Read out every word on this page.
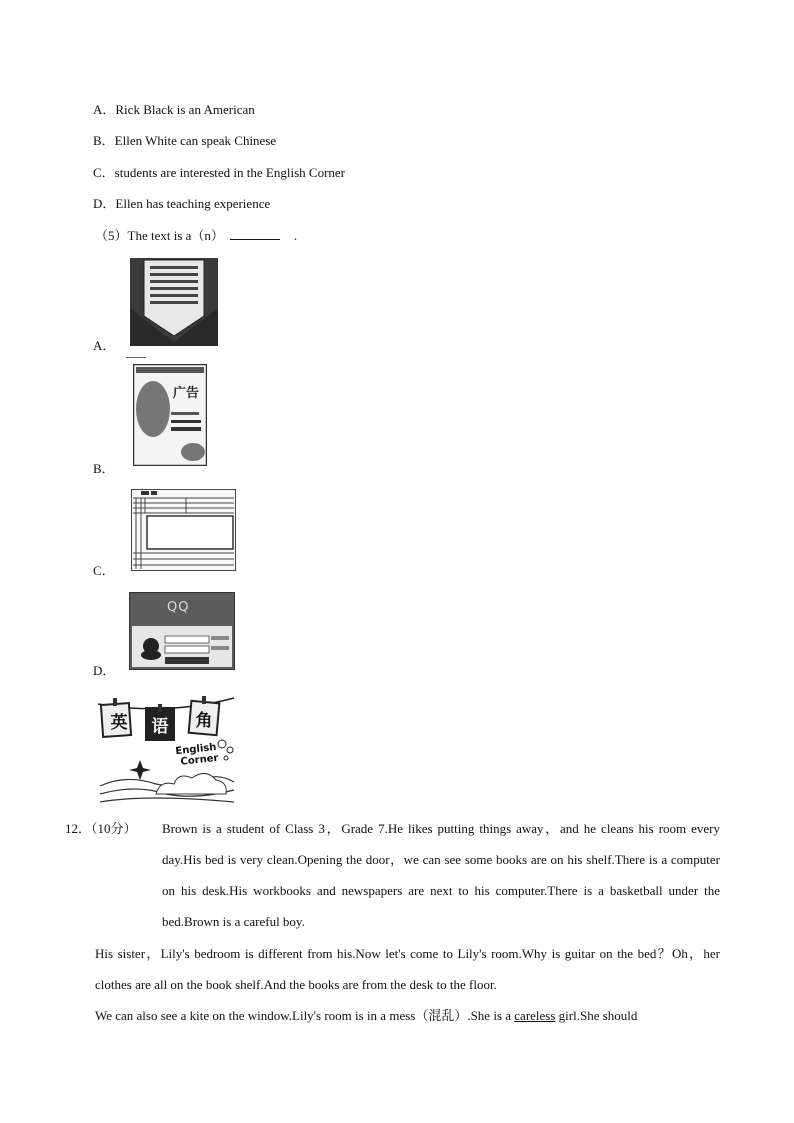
A．Rick Black is an American
B．Ellen White can speak Chinese
C．students are interested in the English Corner
D．Ellen has teaching experience
（5）The text is a（n）	.
A．
广告
B．
C．
QQ
D．
英	语	角
English
Corner
12．（10分）	Brown is a student of Class 3，Grade 7.He likes putting things away，and he cleans his room every day.His bed is very clean.Opening the door，we can see some books are on his shelf.There is a computer on his desk.His workbooks and newspapers are next to his computer.There is a basketball under the bed.Brown is a careful boy.
His sister，Lily's bedroom is different from his.Now let's come to Lily's room.Why is guitar on the bed？Oh，her clothes are all on the book shelf.And the books are from the desk to the floor.
We can also see a kite on the window.Lily's room is in a mess（混乱）.She is a careless girl.She should
